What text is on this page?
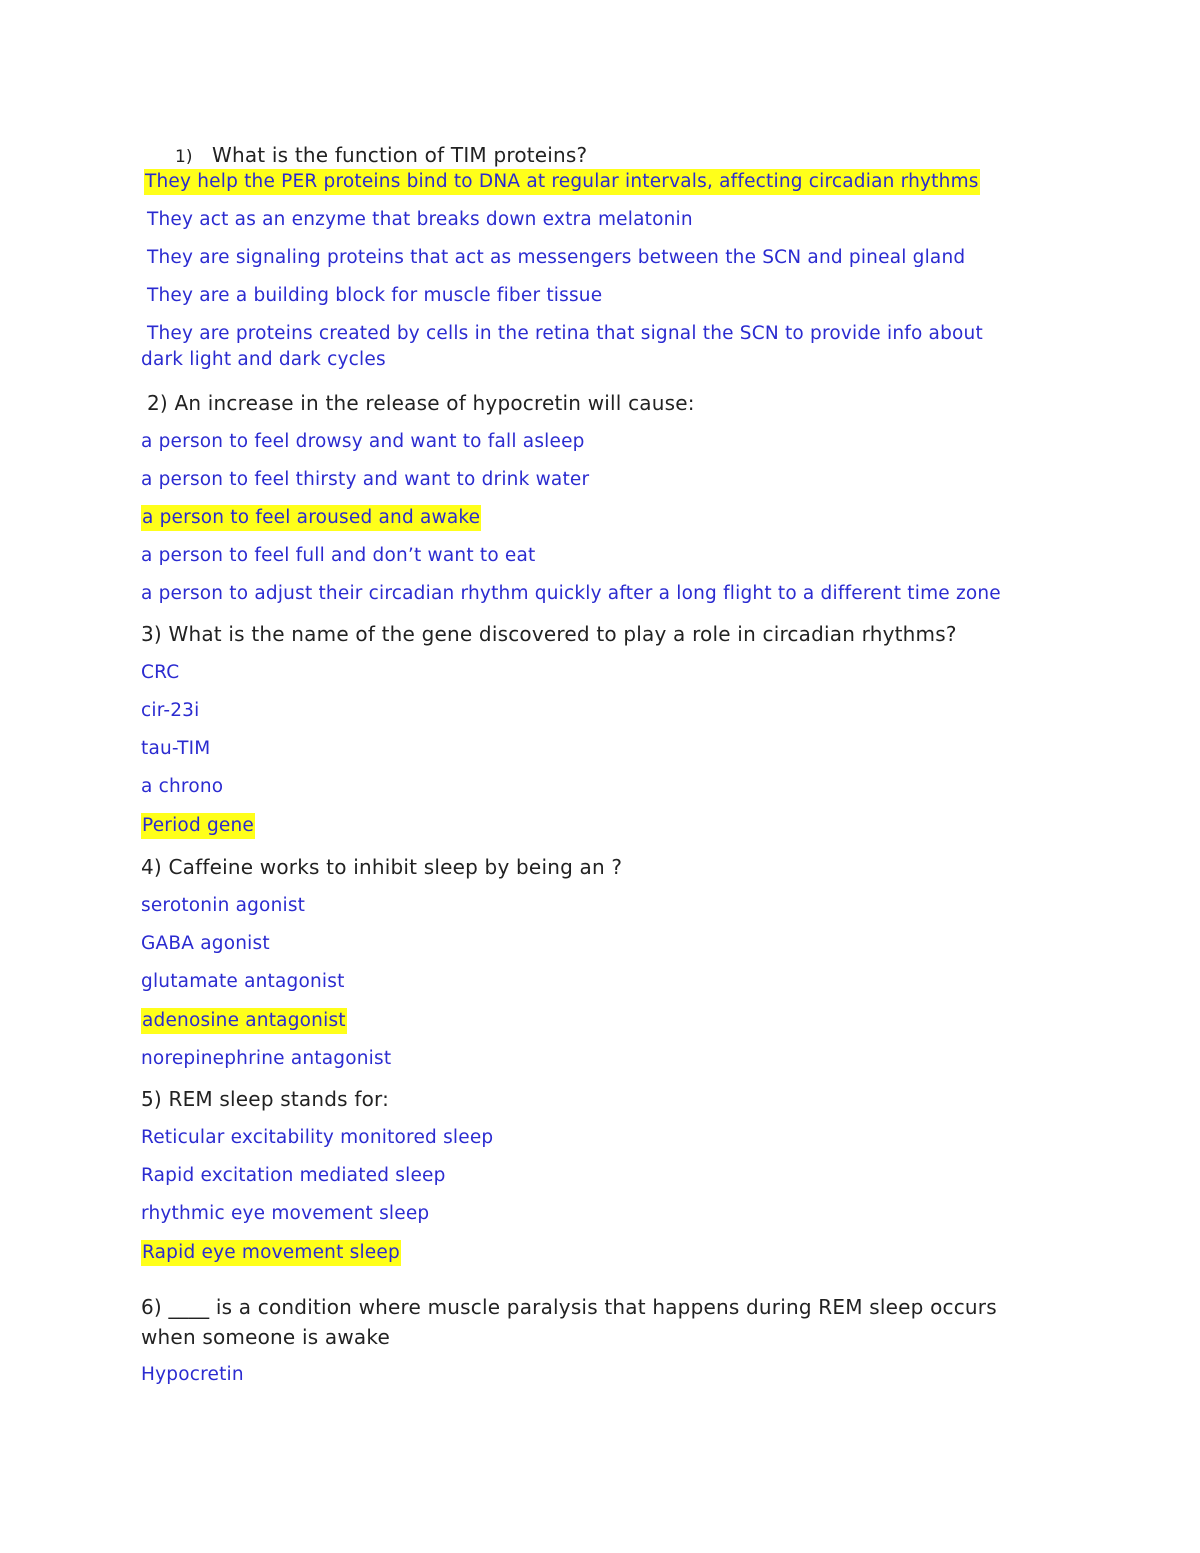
1) What is the function of TIM proteins?
They help the PER proteins bind to DNA at regular intervals, affecting circadian rhythms
They act as an enzyme that breaks down extra melatonin
They are signaling proteins that act as messengers between the SCN and pineal gland
They are a building block for muscle fiber tissue
They are proteins created by cells in the retina that signal the SCN to provide info about dark light and dark cycles
2) An increase in the release of hypocretin will cause:
a person to feel drowsy and want to fall asleep
a person to feel thirsty and want to drink water
a person to feel aroused and awake
a person to feel full and don’t want to eat
a person to adjust their circadian rhythm quickly after a long flight to a different time zone
3) What is the name of the gene discovered to play a role in circadian rhythms?
CRC
cir-23i
tau-TIM
a chrono
Period gene
4) Caffeine works to inhibit sleep by being an ?
serotonin agonist
GABA agonist
glutamate antagonist
adenosine antagonist
norepinephrine antagonist
5) REM sleep stands for:
Reticular excitability monitored sleep
Rapid excitation mediated sleep
rhythmic eye movement sleep
Rapid eye movement sleep
6) ____ is a condition where muscle paralysis that happens during REM sleep occurs when someone is awake
Hypocretin
